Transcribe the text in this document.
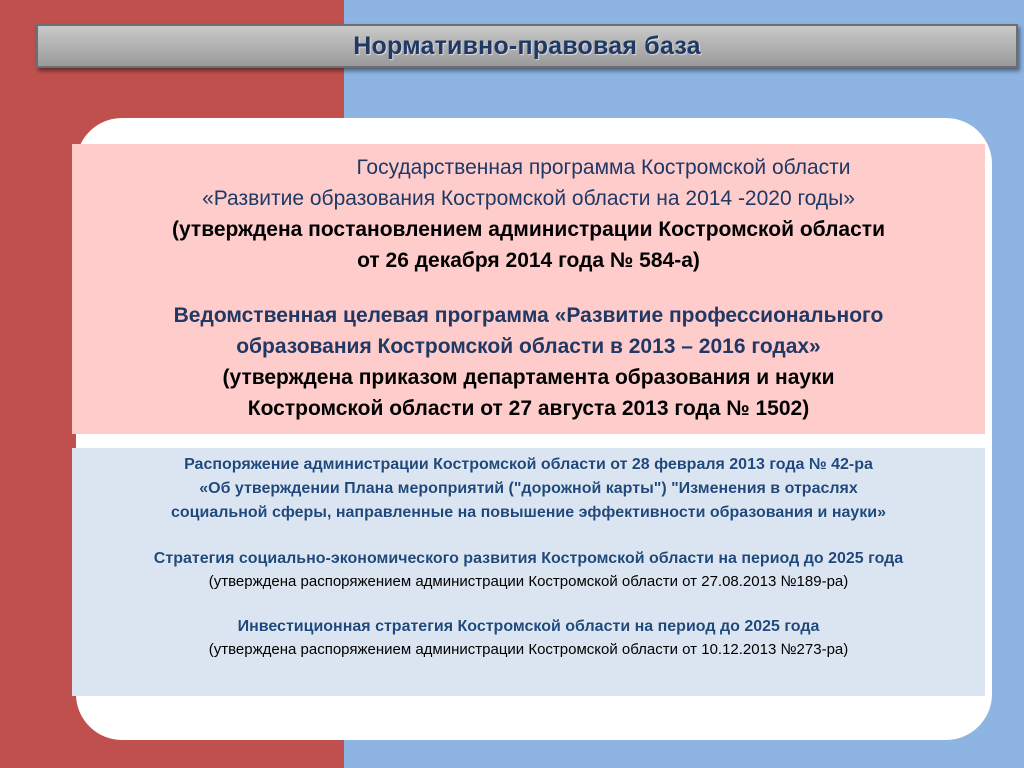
Нормативно-правовая база
Государственная программа Костромской области
«Развитие образования Костромской области на 2014 -2020 годы»
(утверждена постановлением администрации Костромской области
от 26 декабря 2014 года № 584-а)
Ведомственная целевая программа «Развитие профессионального
образования Костромской области в 2013 – 2016 годах»
(утверждена приказом департамента образования и науки
Костромской области от 27 августа 2013 года № 1502)
Распоряжение администрации Костромской области от 28 февраля 2013 года № 42-ра
«Об утверждении Плана мероприятий ("дорожной карты") "Изменения в отраслях
социальной сферы, направленные на повышение эффективности образования и науки»
Стратегия социально-экономического развития Костромской области на период до 2025 года
(утверждена распоряжением администрации Костромской области от 27.08.2013 №189-ра)
Инвестиционная стратегия Костромской области на период до 2025 года
(утверждена распоряжением администрации Костромской области от 10.12.2013 №273-ра)
